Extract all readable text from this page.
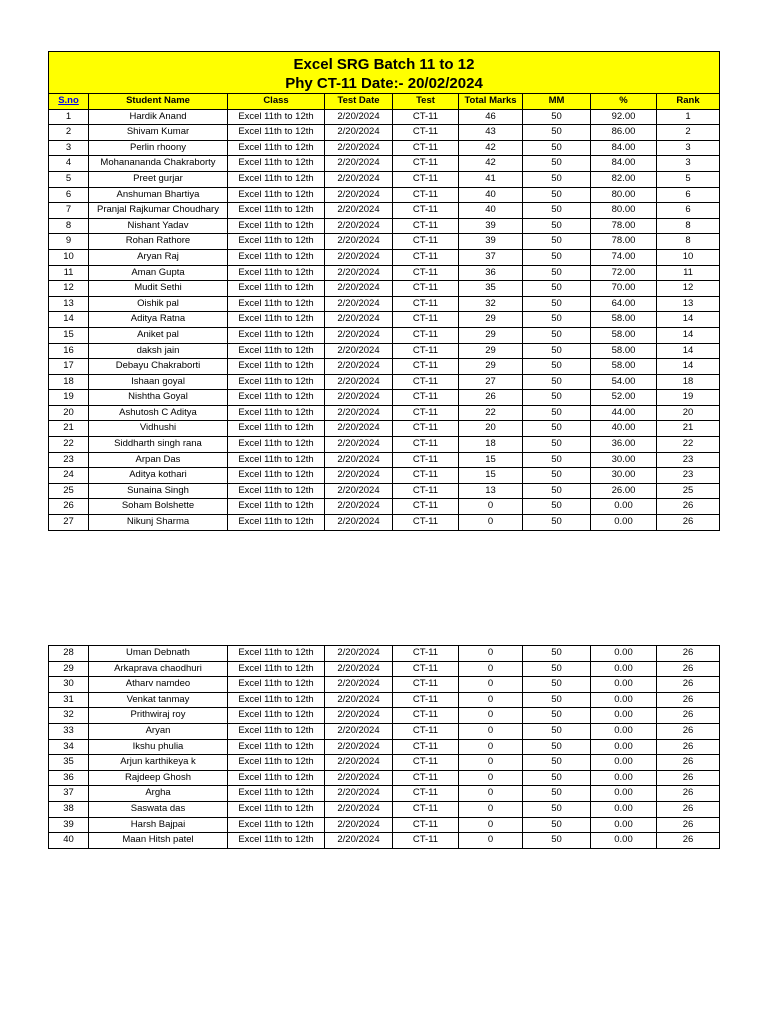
Excel SRG Batch 11 to 12
Phy CT-11 Date:- 20/02/2024								

S.no	Student Name	Class	Test Date	Test	Total Marks	MM	%	Rank
1	Hardik Anand	Excel 11th to 12th	2/20/2024	CT-11	46	50	92.00	1
2	Shivam Kumar	Excel 11th to 12th	2/20/2024	CT-11	43	50	86.00	2
3	Perlin rhoony	Excel 11th to 12th	2/20/2024	CT-11	42	50	84.00	3
4	Mohanananda Chakraborty	Excel 11th to 12th	2/20/2024	CT-11	42	50	84.00	3
5	Preet gurjar	Excel 11th to 12th	2/20/2024	CT-11	41	50	82.00	5
6	Anshuman Bhartiya	Excel 11th to 12th	2/20/2024	CT-11	40	50	80.00	6
7	Pranjal Rajkumar Choudhary	Excel 11th to 12th	2/20/2024	CT-11	40	50	80.00	6
8	Nishant Yadav	Excel 11th to 12th	2/20/2024	CT-11	39	50	78.00	8
9	Rohan Rathore	Excel 11th to 12th	2/20/2024	CT-11	39	50	78.00	8
10	Aryan Raj	Excel 11th to 12th	2/20/2024	CT-11	37	50	74.00	10
11	Aman Gupta	Excel 11th to 12th	2/20/2024	CT-11	36	50	72.00	11
12	Mudit Sethi	Excel 11th to 12th	2/20/2024	CT-11	35	50	70.00	12
13	Oishik pal	Excel 11th to 12th	2/20/2024	CT-11	32	50	64.00	13
14	Aditya Ratna	Excel 11th to 12th	2/20/2024	CT-11	29	50	58.00	14
15	Aniket pal	Excel 11th to 12th	2/20/2024	CT-11	29	50	58.00	14
16	daksh jain	Excel 11th to 12th	2/20/2024	CT-11	29	50	58.00	14
17	Debayu Chakraborti	Excel 11th to 12th	2/20/2024	CT-11	29	50	58.00	14
18	Ishaan goyal	Excel 11th to 12th	2/20/2024	CT-11	27	50	54.00	18
19	Nishtha Goyal	Excel 11th to 12th	2/20/2024	CT-11	26	50	52.00	19
20	Ashutosh C Aditya	Excel 11th to 12th	2/20/2024	CT-11	22	50	44.00	20
21	Vidhushi	Excel 11th to 12th	2/20/2024	CT-11	20	50	40.00	21
22	Siddharth singh rana	Excel 11th to 12th	2/20/2024	CT-11	18	50	36.00	22
23	Arpan Das	Excel 11th to 12th	2/20/2024	CT-11	15	50	30.00	23
24	Aditya kothari	Excel 11th to 12th	2/20/2024	CT-11	15	50	30.00	23
25	Sunaina Singh	Excel 11th to 12th	2/20/2024	CT-11	13	50	26.00	25
26	Soham Bolshette	Excel 11th to 12th	2/20/2024	CT-11	0	50	0.00	26
27	Nikunj Sharma	Excel 11th to 12th	2/20/2024	CT-11	0	50	0.00	26
28	Uman Debnath	Excel 11th to 12th	2/20/2024	CT-11	0	50	0.00	26
29	Arkaprava chaodhuri	Excel 11th to 12th	2/20/2024	CT-11	0	50	0.00	26
30	Atharv namdeo	Excel 11th to 12th	2/20/2024	CT-11	0	50	0.00	26
31	Venkat tanmay	Excel 11th to 12th	2/20/2024	CT-11	0	50	0.00	26
32	Prithwiraj roy	Excel 11th to 12th	2/20/2024	CT-11	0	50	0.00	26
33	Aryan	Excel 11th to 12th	2/20/2024	CT-11	0	50	0.00	26
34	Ikshu phulia	Excel 11th to 12th	2/20/2024	CT-11	0	50	0.00	26
35	Arjun karthikeya k	Excel 11th to 12th	2/20/2024	CT-11	0	50	0.00	26
36	Rajdeep Ghosh	Excel 11th to 12th	2/20/2024	CT-11	0	50	0.00	26
37	Argha	Excel 11th to 12th	2/20/2024	CT-11	0	50	0.00	26
38	Saswata das	Excel 11th to 12th	2/20/2024	CT-11	0	50	0.00	26
39	Harsh Bajpai	Excel 11th to 12th	2/20/2024	CT-11	0	50	0.00	26
40	Maan Hitsh patel	Excel 11th to 12th	2/20/2024	CT-11	0	50	0.00	26
